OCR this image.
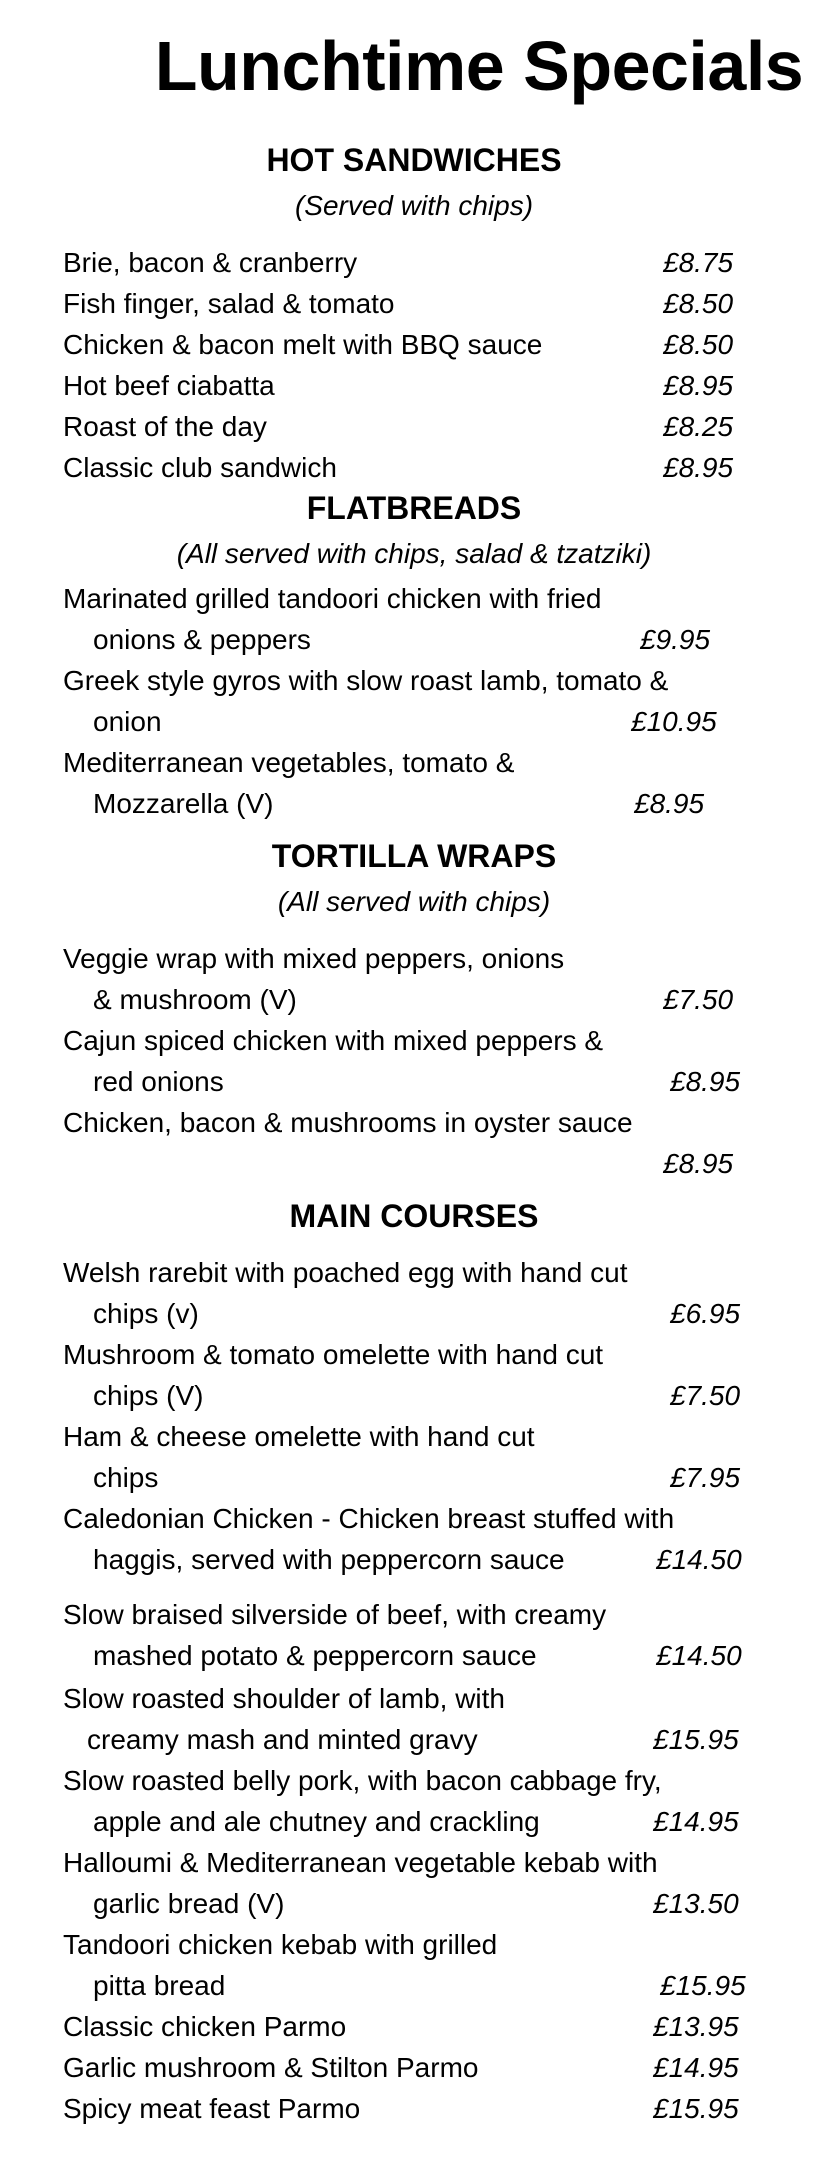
Lunchtime Specials
HOT SANDWICHES
(Served with chips)
Brie, bacon & cranberry	£8.75
Fish finger, salad & tomato	£8.50
Chicken & bacon melt with BBQ sauce	£8.50
Hot beef ciabatta	£8.95
Roast of the day	£8.25
Classic club sandwich	£8.95
FLATBREADS
(All served with chips, salad & tzatziki)
Marinated grilled tandoori chicken with fried
onions & peppers	£9.95
Greek style gyros with slow roast lamb, tomato &
onion	£10.95
Mediterranean vegetables, tomato &
Mozzarella (V)	£8.95
TORTILLA WRAPS
(All served with chips)
Veggie wrap with mixed peppers, onions
& mushroom (V)	£7.50
Cajun spiced chicken with mixed peppers &
red onions	£8.95
Chicken, bacon & mushrooms in oyster sauce
£8.95
MAIN COURSES
Welsh rarebit with poached egg with hand cut
chips (v)	£6.95
Mushroom & tomato omelette with hand cut
chips (V)	£7.50
Ham & cheese omelette with hand cut
chips	£7.95
Caledonian Chicken - Chicken breast stuffed with
haggis, served with peppercorn sauce	£14.50
Slow braised silverside of beef, with creamy
mashed potato & peppercorn sauce	£14.50
Slow roasted shoulder of lamb, with
creamy mash and minted gravy	£15.95
Slow roasted belly pork, with bacon cabbage fry,
apple and ale chutney and crackling	£14.95
Halloumi & Mediterranean vegetable kebab with
garlic bread (V)	£13.50
Tandoori chicken kebab with grilled
pitta bread	£15.95
Classic chicken Parmo	£13.95
Garlic mushroom & Stilton Parmo	£14.95
Spicy meat feast Parmo	£15.95
